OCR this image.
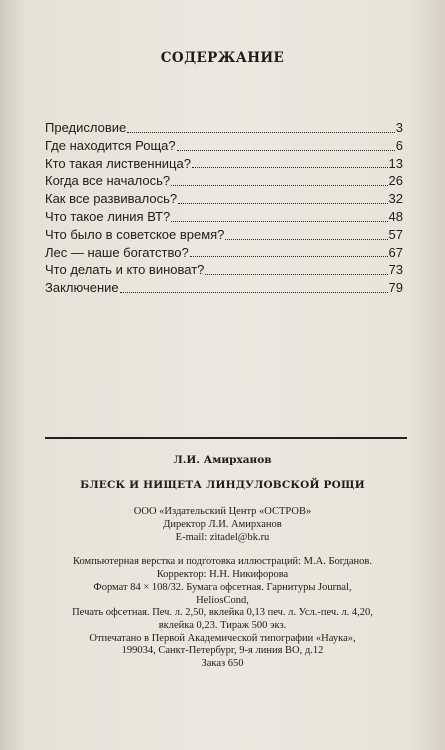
СОДЕРЖАНИЕ
Предисловие	3
Где находится Роща?	6
Кто такая лиственница?	13
Когда все началось?	26
Как все развивалось?	32
Что такое линия ВТ?	48
Что было в советское время?	57
Лес — наше богатство?	67
Что делать и кто виноват?	73
Заключение	79
Л.И. Амирханов
БЛЕСК И НИЩЕТА ЛИНДУЛОВСКОЙ РОЩИ
ООО «Издательский Центр «ОСТРОВ»
Директор Л.И. Амирханов
E-mail: zitadel@bk.ru
Компьютерная верстка и подготовка иллюстраций: М.А. Богданов.
Корректор: Н.Н. Никифорова
Формат 84 × 108/32. Бумага офсетная. Гарнитуры Journal,
HeliosCond,
Печать офсетная. Печ. л. 2,50, вклейка 0,13 печ. л. Усл.-печ. л. 4,20,
вклейка 0,23. Тираж 500 экз.
Отпечатано в Первой Академической типографии «Наука»,
199034, Санкт-Петербург, 9-я линия ВО, д.12
Заказ 650
